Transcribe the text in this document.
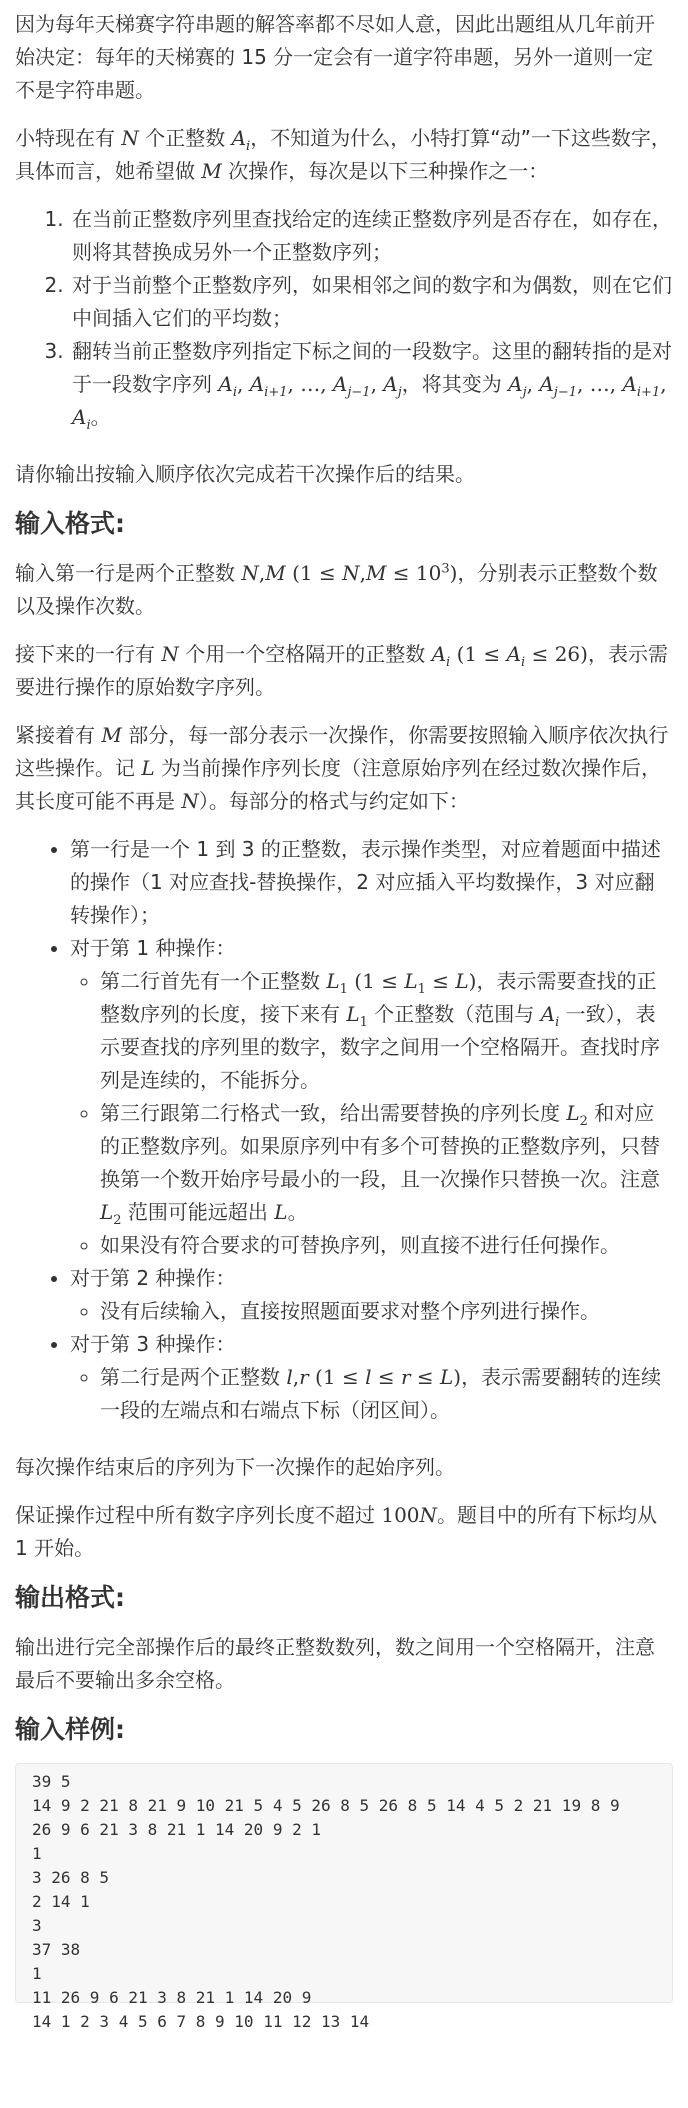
因为每年天梯赛字符串题的解答率都不尽如人意，因此出题组从几年前开始决定：每年的天梯赛的 15 分一定会有一道字符串题，另外一道则一定不是字符串题。

小特现在有 N 个正整数 $A_i$，不知道为什么，小特打算“动”一下这些数字，具体而言，她希望做 M 次操作，每次是以下三种操作之一：

1. 在当前正整数序列里查找给定的连续正整数序列是否存在，如存在，则将其替换成另外一个正整数序列；
2. 对于当前整个正整数序列，如果相邻之间的数字和为偶数，则在它们中间插入它们的平均数；
3. 翻转当前正整数序列指定下标之间的一段数字。这里的翻转指的是对于一段数字序列 $A_i$, $A_{i+1}$, …, $A_{j-1}$, $A_j$，将其变为 $A_j$, $A_{j-1}$, …, $A_{i+1}$, $A_i$。

请你输出按输入顺序依次完成若干次操作后的结果。

输入格式:

输入第一行是两个正整数 N,M $(1 \le N,M \le 10^3)$，分别表示正整数个数以及操作次数。

接下来的一行有 N 个用一个空格隔开的正整数 $A_i$ $(1 \le A_i \le 26)$，表示需要进行操作的原始数字序列。

紧接着有 M 部分，每一部分表示一次操作，你需要按照输入顺序依次执行这些操作。记 L 为当前操作序列长度（注意原始序列在经过数次操作后，其长度可能不再是 N）。每部分的格式与约定如下：

• 第一行是一个 1 到 3 的正整数，表示操作类型，对应着题面中描述的操作（1 对应查找-替换操作，2 对应插入平均数操作，3 对应翻转操作）；
• 对于第 1 种操作：
◦ 第二行首先有一个正整数 $L_1$ $(1 \le L_1 \le L)$，表示需要查找的正整数序列的长度，接下来有 $L_1$ 个正整数（范围与 $A_i$ 一致），表示要查找的序列里的数字，数字之间用一个空格隔开。查找时序列是连续的，不能拆分。
◦ 第三行跟第二行格式一致，给出需要替换的序列长度 $L_2$ 和对应的正整数序列。如果原序列中有多个可替换的正整数序列，只替换第一个数开始序号最小的一段，且一次操作只替换一次。注意 $L_2$ 范围可能远超出 L。
◦ 如果没有符合要求的可替换序列，则直接不进行任何操作。
• 对于第 2 种操作：
◦ 没有后续输入，直接按照题面要求对整个序列进行操作。
• 对于第 3 种操作：
◦ 第二行是两个正整数 l,r (1 ≤ l ≤ r ≤ L)，表示需要翻转的连续一段的左端点和右端点下标（闭区间）。

每次操作结束后的序列为下一次操作的起始序列。

保证操作过程中所有数字序列长度不超过 100N。题目中的所有下标均从 1 开始。

输出格式:

输出进行完全部操作后的最终正整数数列，数之间用一个空格隔开，注意最后不要输出多余空格。

输入样例:
39 5
14 9 2 21 8 21 9 10 21 5 4 5 26 8 5 26 8 5 14 4 5 2 21 19 8 9
26 9 6 21 3 8 21 1 14 20 9 2 1
1
3 26 8 5
2 14 1
3
37 38
1
11 26 9 6 21 3 8 21 1 14 20 9
14 1 2 3 4 5 6 7 8 9 10 11 12 13 14
